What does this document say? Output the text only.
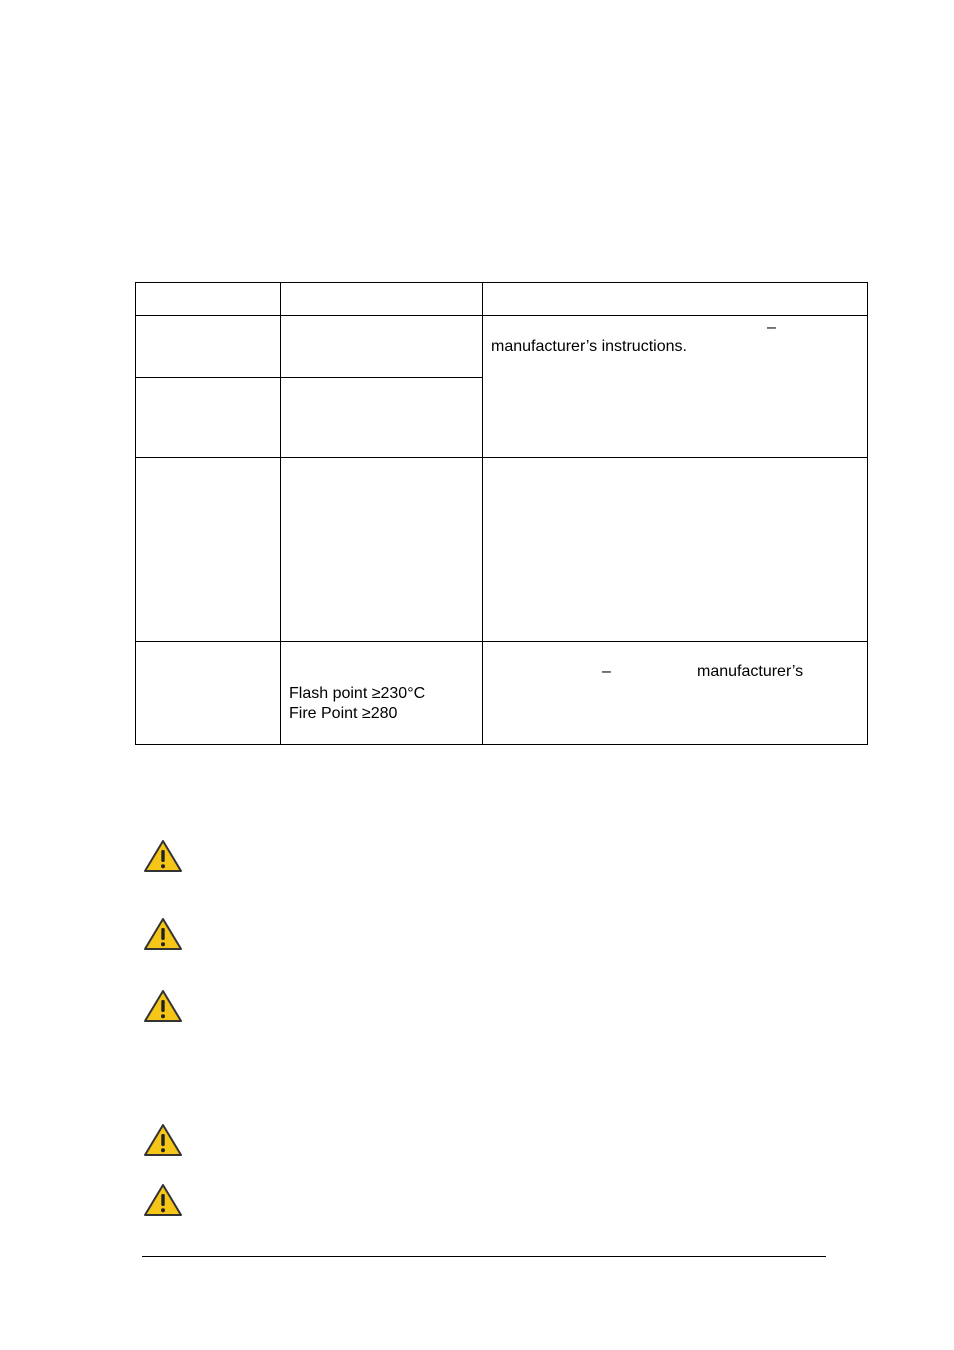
		–
manufacturer’s instructions.

	Flash point ≥230°C
Fire Point ≥280	– manufacturer’s
